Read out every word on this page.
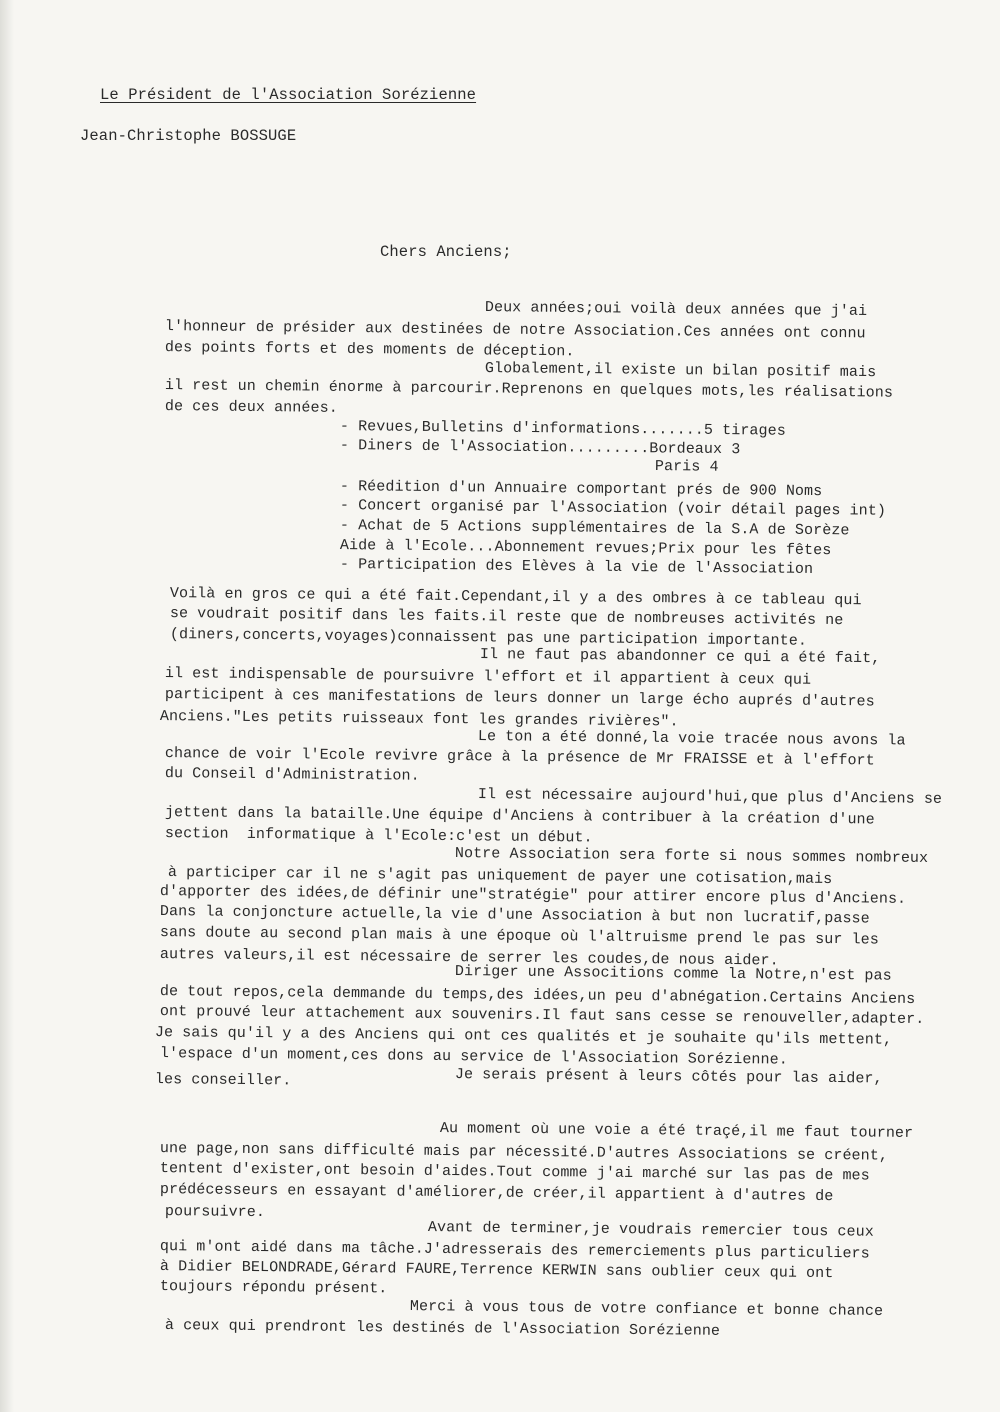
Le Président de l'Association Sorézienne
Jean-Christophe BOSSUGE
Chers Anciens;
Deux années;oui voilà deux années que j'ai
l'honneur de présider aux destinées de notre Association.Ces années ont connu
des points forts et des moments de déception.
Globalement,il existe un bilan positif mais
il rest un chemin énorme à parcourir.Reprenons en quelques mots,les réalisations
de ces deux années.
- Revues,Bulletins d'informations.......5 tirages
- Diners de l'Association.........Bordeaux 3
Paris 4
- Réedition d'un Annuaire comportant prés de 900 Noms
- Concert organisé par l'Association (voir détail pages int)
- Achat de 5 Actions supplémentaires de la S.A de Sorèze
Aide à l'Ecole...Abonnement revues;Prix pour les fêtes
- Participation des Elèves à la vie de l'Association
Voilà en gros ce qui a été fait.Cependant,il y a des ombres à ce tableau qui
se voudrait positif dans les faits.il reste que de nombreuses activités ne
(diners,concerts,voyages)connaissent pas une participation importante.
Il ne faut pas abandonner ce qui a été fait,
il est indispensable de poursuivre l'effort et il appartient à ceux qui
participent à ces manifestations de leurs donner un large écho auprés d'autres
Anciens."Les petits ruisseaux font les grandes rivières".
Le ton a été donné,la voie tracée nous avons la
chance de voir l'Ecole revivre grâce à la présence de Mr FRAISSE et à l'effort
du Conseil d'Administration.
Il est nécessaire aujourd'hui,que plus d'Anciens se
jettent dans la bataille.Une équipe d'Anciens à contribuer à la création d'une
section  informatique à l'Ecole:c'est un début.
Notre Association sera forte si nous sommes nombreux
à participer car il ne s'agit pas uniquement de payer une cotisation,mais
d'apporter des idées,de définir une"stratégie" pour attirer encore plus d'Anciens.
Dans la conjoncture actuelle,la vie d'une Association à but non lucratif,passe
sans doute au second plan mais à une époque où l'altruisme prend le pas sur les
autres valeurs,il est nécessaire de serrer les coudes,de nous aider.
Diriger une Associtions comme la Notre,n'est pas
de tout repos,cela demmande du temps,des idées,un peu d'abnégation.Certains Anciens
ont prouvé leur attachement aux souvenirs.Il faut sans cesse se renouveller,adapter.
Je sais qu'il y a des Anciens qui ont ces qualités et je souhaite qu'ils mettent,
l'espace d'un moment,ces dons au service de l'Association Sorézienne.
Je serais présent à leurs côtés pour las aider,
les conseiller.
Au moment où une voie a été traçé,il me faut tourner
une page,non sans difficulté mais par nécessité.D'autres Associations se créent,
tentent d'exister,ont besoin d'aides.Tout comme j'ai marché sur las pas de mes
prédécesseurs en essayant d'améliorer,de créer,il appartient à d'autres de
poursuivre.
Avant de terminer,je voudrais remercier tous ceux
qui m'ont aidé dans ma tâche.J'adresserais des remerciements plus particuliers
à Didier BELONDRADE,Gérard FAURE,Terrence KERWIN sans oublier ceux qui ont
toujours répondu présent.
Merci à vous tous de votre confiance et bonne chance
à ceux qui prendront les destinés de l'Association Sorézienne
